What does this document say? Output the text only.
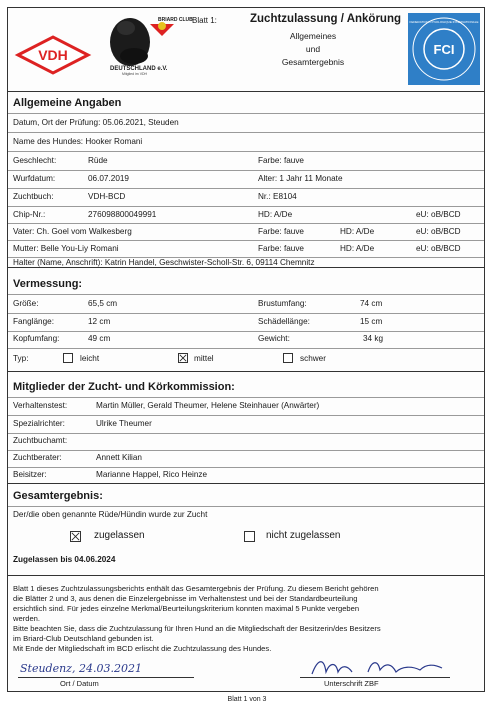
VDH
BRIARD CLUB
DEUTSCHLAND e.V.
Mitglied im VDH
Blatt 1:	Zuchtzulassung / Ankörung
Allgemeines
und
Gesamtergebnis
FCI
FEDERATION CYNOLOGIQUE INTERNATIONALE
Allgemeine Angaben
Datum, Ort der Prüfung: 05.06.2021, Steuden
Name des Hundes: Hooker Romani
Geschlecht:	Rüde	Farbe: fauve
Wurfdatum:	06.07.2019	Alter: 1 Jahr 11 Monate
Zuchtbuch:	VDH-BCD	Nr.: E8104
Chip-Nr.:	276098800049991	HD: A/De	eU: oB/BCD
Vater: Ch. Goel vom Walkesberg	Farbe: fauve	HD: A/De	eU: oB/BCD
Mutter: Belle You-Liy Romani	Farbe: fauve	HD: A/De	eU: oB/BCD
Halter (Name, Anschrift): Katrin Handel, Geschwister-Scholl-Str. 6, 09114 Chemnitz
Vermessung:
Größe:	65,5 cm	Brustumfang:	74 cm
Fanglänge:	12 cm	Schädellänge:	15 cm
Kopfumfang:	49 cm	Gewicht:	34 kg
Typ:	leicht	mittel	schwer
Mitglieder der Zucht- und Körkommission:
Verhaltenstest:	Martin Müller, Gerald Theumer, Helene Steinhauer (Anwärter)
Spezialrichter:	Ulrike Theumer
Zuchtbuchamt:
Zuchtberater:	Annett Kilian
Beisitzer:	Marianne Happel, Rico Heinze
Gesamtergebnis:
Der/die oben genannte Rüde/Hündin wurde zur Zucht
zugelassen	nicht zugelassen
Zugelassen bis 04.06.2024
Blatt 1 dieses Zuchtzulassungsberichts enthält das Gesamtergebnis der Prüfung. Zu diesem Bericht gehören
die Blätter 2 und 3, aus denen die Einzelergebnisse im Verhaltenstest und bei der Standardbeurteilung
ersichtlich sind. Für jedes einzelne Merkmal/Beurteilungskriterium konnten maximal 5 Punkte vergeben
werden.
Bitte beachten Sie, dass die Zuchtzulassung für Ihren Hund an die Mitgliedschaft der Besitzerin/des Besitzers
im Briard-Club Deutschland gebunden ist.
Mit Ende der Mitgliedschaft im BCD erlischt die Zuchtzulassung des Hundes.
Steudenz, 24.03.2021
Ort / Datum	Unterschrift ZBF
Blatt 1 von 3
